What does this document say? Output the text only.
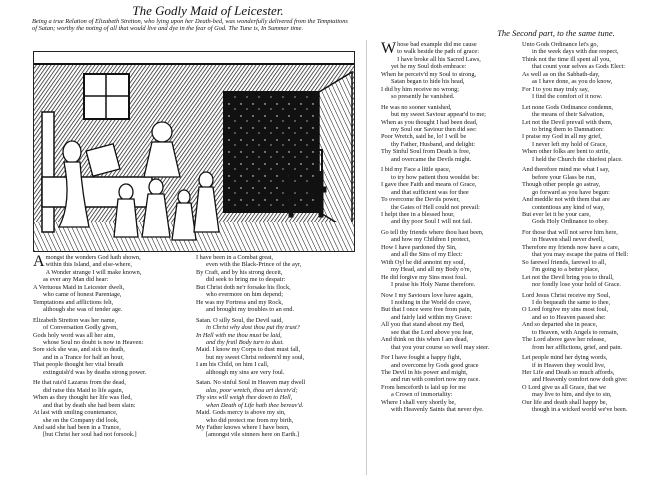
The Godly Maid of Leicester.

Being a true Relation of Elizabeth Stretton, who lying upon her Death-bed, was wonderfully delivered from the Temptations of Satan; worthy the noting of all that would live and dye in the fear of God. The Tune is, In Summer time.

A mongst the wonders God hath shown,
within this Island, and else-where,
A Wonder strange I will make known,
as ever any Man did hear:
A Vertuous Maid in Leicester dwelt,
who came of honest Parentage,
Temptations and afflictions felt,
although she was of tender age.
Elizabeth Stretton was her name,
of Conversation Godly given,
Gods holy word was all her aim,
whose Soul no doubt is now in Heaven:
Sore sick she was, and sick to death,
and in a Trance for half an hour,
That people thought her vital breath
extinguish'd was by deaths strong power.
He that rais'd Lazarus from the dead,
did raise this Maid to life again,
When as they thought her life was fled,
and that by death she had been slain:
At last with smiling countenance,
she on the Company did look,
And said she had been in a Trance,
[but Christ her soul had not forsook.]
I have been in a Combat great,
even with the Black-Prince of the ayr,
By Craft, and by his strong deceit,
did seek to bring me to despair:
But Christ doth ne'r forsake his flock,
who evermore on him depend;
He was my Fortress and my Rock,
and brought my troubles to an end.
Satan. O silly Soul, the Devil said,
in Christ why dost thou put thy trust?
In Hell with me thou must be laid,
and thy frail Body turn to dust.
Maid. I know my Corps to dust must fall,
but my sweet Christ redeem'd my soul,
I am his Child, on him I call,
although my sins are very foul.
Satan. No sinful Soul in Heaven may dwell
alas, poor wretch, thou art deceiv'd;
Thy sins will weigh thee down to Hell,
when Death of Life hath thee bereav'd.
Maid. Gods mercy is above my sin,
who did protect me from my birth,
My Father knows where I have been,
[amongst vile sinners here on Earth.]
The Second part, to the same tune.
W hose bad example did me cause
to walk beside the path of grace:
I have broke all his Sacred Laws,
yet he my Soul doth embrace:
When he perceiv'd my Soul to strong,
Satan began to hide his head,
I did by him receive no wrong;
so presently he vanished.
He was no sooner vanished,
but my sweet Saviour appear'd to me;
When as you thought I had been dead,
my Soul our Saviour then did see:
Poor Wretch, said he, lo! I will be
thy Father, Husband, and delight:
Thy Sinful Soul from Death is free,
and overcame the Devils might.
I bid my Face a little space,
to try how patient thou wouldst be:
I gave thee Faith and means of Grace,
and that sufficient was for thee
To overcome the Devils power,
the Gates of Hell could not prevail:
I helpt thee in a blessed hour,
and thy poor Soul I will not fail.
Go tell thy friends where thou hast been,
and how my Children I protect,
How I have pardoned thy Sin,
and all the Sins of my Elect:
With Oyl he did annoint my soul,
my Head, and all my Body o're,
He did forgive my Sins most foul.
I praise his Holy Name therefore.
Now I my Saviours love have again,
I nothing in the World do crave,
But that I once were free from pain,
and fairly laid within my Grave:
All you that stand about my Bed,
see that the Lord above you fear,
And think on this when I am dead,
that you your course so well may steer.
For I have fought a happy fight,
and overcome by Gods good grace
The Devil in his power and might,
and run with comfort now my race.
From henceforth is laid up for me
a Crown of immortality:
Where I shall very shortly be,
with Heavenly Saints that never dye.
Unto Gods Ordinance let's go,
in the week days with due respect,
Think not the time ill spent all you,
that count your selves as Gods Elect:
As well as on the Sabbath-day,
as I have done, as you do know,
For I to you may truly say,
I find the comfort of it now.
Let none Gods Ordinance condemn,
the means of their Salvation,
Let not the Devil prevail with them,
to bring them to Damnation:
I praise my God in all my grief,
I never left my hold of Grace,
When other folks are bent to strife,
I held the Church the chiefest place.
And therefore mind me what I say,
before your Glass be run,
Though other people go astray,
go forward as you have begun:
And meddle not with them that are
contentious any kind of way,
But ever let it be your care,
Gods Holy Ordinance to obey.
For those that will not serve him here,
in Heaven shall never dwell,
Therefore my friends now have a care,
that you may escape the pains of Hell:
So farewel friends, farewel to all,
I'm going to a better place,
Let not the Devil bring you to thrall,
nor fondly lose your hold of Grace.
Lord Jesus Christ receive my Soul,
I do bequeath the same to thee,
O Lord forgive my sins most foul,
and so to Heaven passed she:
And so departed she in peace,
to Heaven, with Angels to remain,
The Lord above gave her release,
from her afflictions, grief, and pain.
Let people mind her dying words,
if in Heaven they would live,
Her Life and Death so much affords,
and Heavenly comfort now doth give:
O Lord give us all Grace, that we
may live to him, and dye to sin,
Our life and death shall happy be,
though in a wicked world we've been.
